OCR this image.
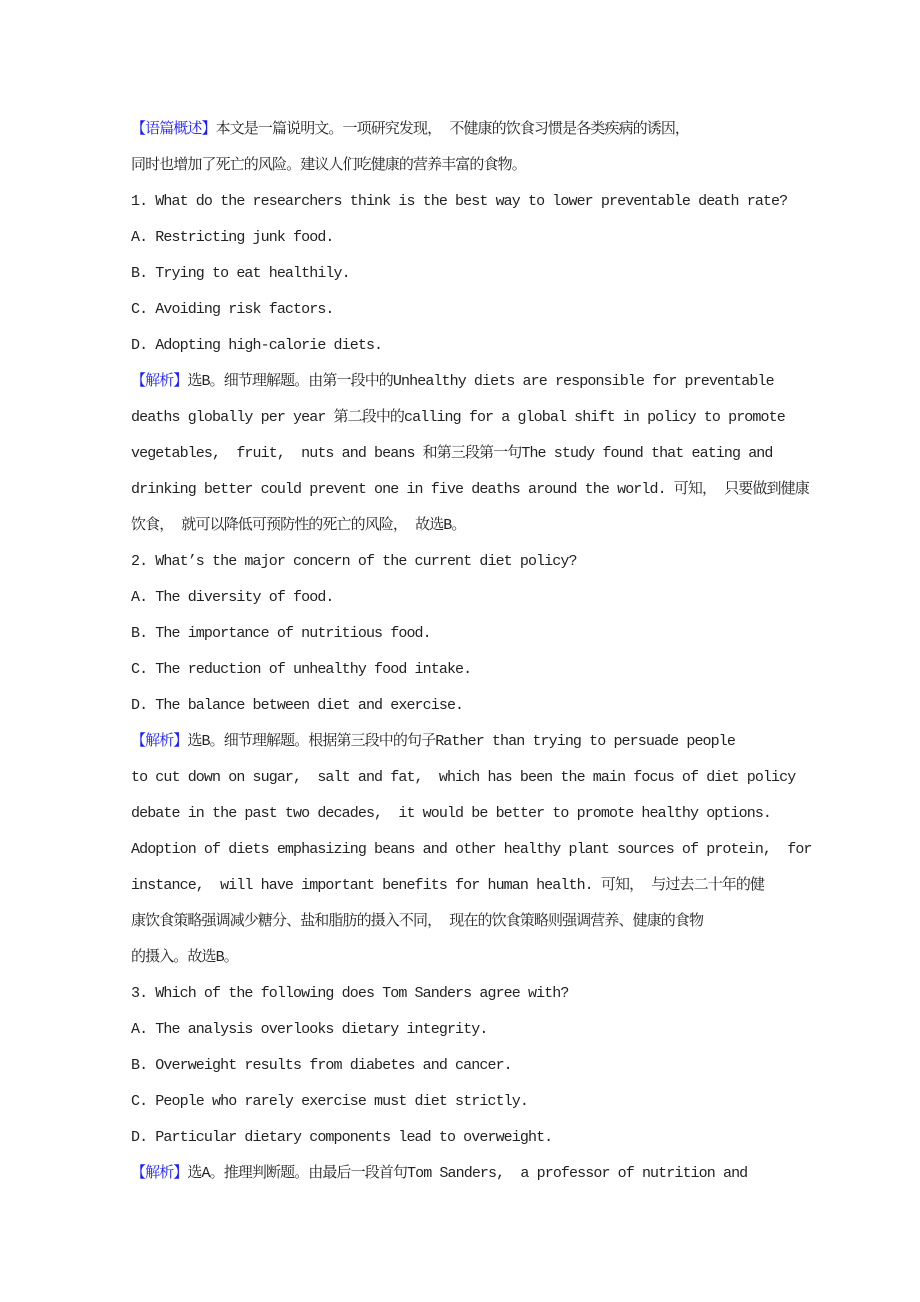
【语篇概述】本文是一篇说明文。一项研究发现， 不健康的饮食习惯是各类疾病的诱因，
同时也增加了死亡的风险。建议人们吃健康的营养丰富的食物。
1. What do the researchers think is the best way to lower preventable death rate?
A. Restricting junk food.
B. Trying to eat healthily.
C. Avoiding risk factors.
D. Adopting high-calorie diets.
【解析】选B。细节理解题。由第一段中的Unhealthy diets are responsible for preventable
deaths globally per year 第二段中的calling for a global shift in policy to promote
vegetables,  fruit,  nuts and beans 和第三段第一句The study found that eating and
drinking better could prevent one in five deaths around the world. 可知， 只要做到健康
饮食， 就可以降低可预防性的死亡的风险， 故选B。
2. What’s the major concern of the current diet policy?
A. The diversity of food.
B. The importance of nutritious food.
C. The reduction of unhealthy food intake.
D. The balance between diet and exercise.
【解析】选B。细节理解题。根据第三段中的句子Rather than trying to persuade people
to cut down on sugar,  salt and fat,  which has been the main focus of diet policy
debate in the past two decades,  it would be better to promote healthy options.
Adoption of diets emphasizing beans and other healthy plant sources of protein,  for
instance,  will have important benefits for human health. 可知， 与过去二十年的健
康饮食策略强调减少糖分、盐和脂肪的摄入不同， 现在的饮食策略则强调营养、健康的食物
的摄入。故选B。
3. Which of the following does Tom Sanders agree with?
A. The analysis overlooks dietary integrity.
B. Overweight results from diabetes and cancer.
C. People who rarely exercise must diet strictly.
D. Particular dietary components lead to overweight.
【解析】选A。推理判断题。由最后一段首句Tom Sanders,  a professor of nutrition and
